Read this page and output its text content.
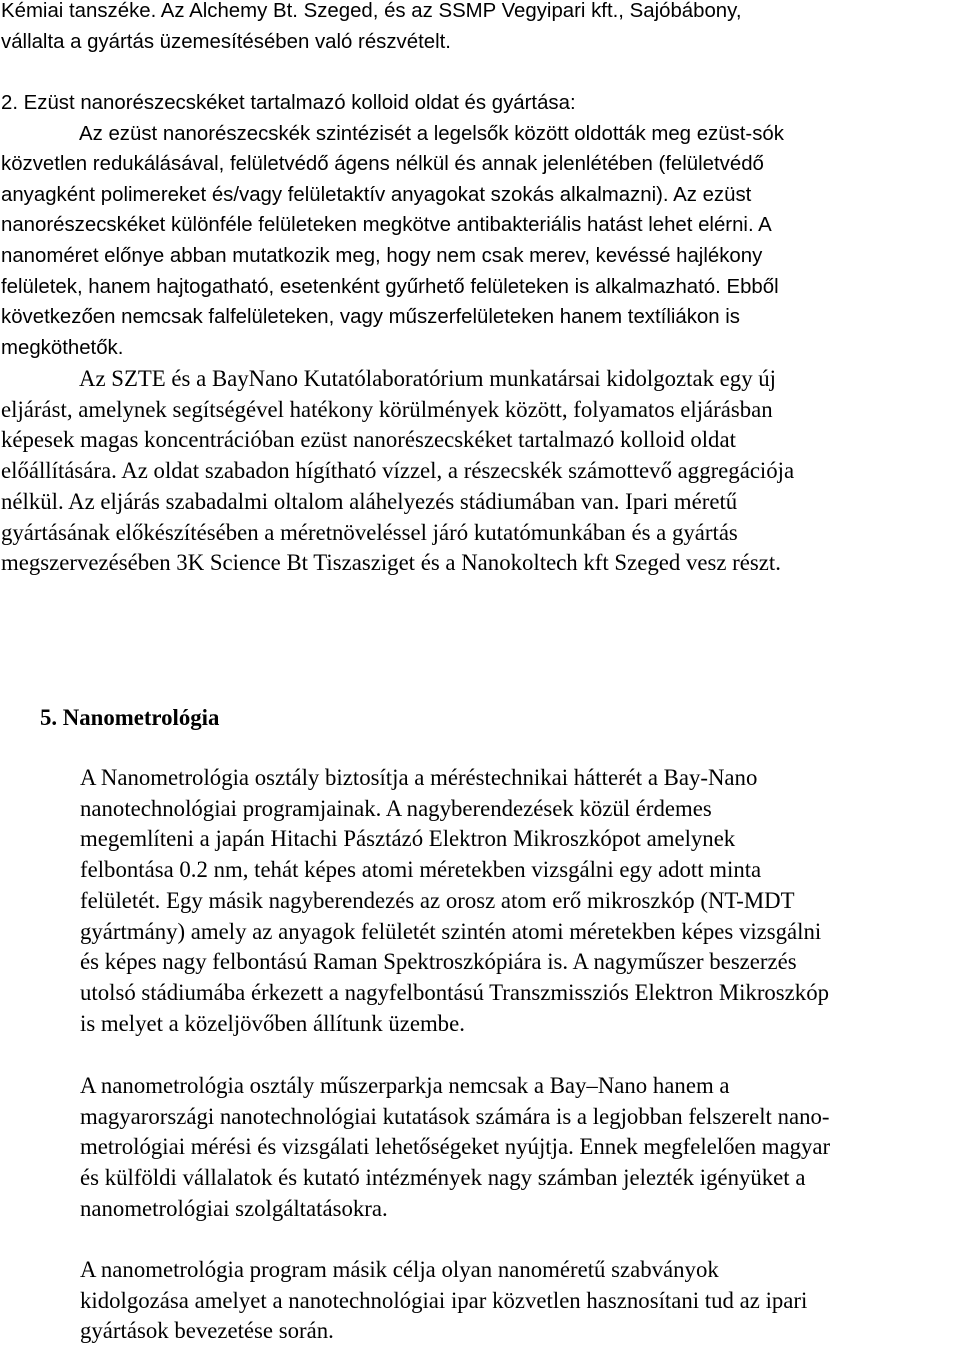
Kémiai tanszéke. Az Alchemy Bt. Szeged, és az SSMP Vegyipari kft., Sajóbábony,
vállalta a gyártás üzemesítésében való részvételt.
2. Ezüst nanorészecskéket tartalmazó kolloid oldat és gyártása:
Az ezüst nanorészecskék szintézisét a legelsők között oldották meg ezüst-sók
közvetlen redukálásával, felületvédő ágens nélkül és annak jelenlétében (felületvédő
anyagként polimereket és/vagy felületaktív anyagokat szokás alkalmazni). Az ezüst
nanorészecskéket különféle felületeken megkötve antibakteriális hatást lehet elérni. A
nanoméret előnye abban mutatkozik meg, hogy nem csak merev, kevéssé hajlékony
felületek, hanem hajtogatható, esetenként gyűrhető felületeken is alkalmazható. Ebből
következően nemcsak falfelületeken, vagy műszerfelületeken hanem textíliákon is
megköthetők.
Az SZTE és a BayNano Kutatólaboratórium munkatársai kidolgoztak egy új
eljárást, amelynek segítségével hatékony körülmények között, folyamatos eljárásban
képesek magas koncentrációban ezüst nanorészecskéket tartalmazó kolloid oldat
előállítására. Az oldat szabadon hígítható vízzel, a részecskék számottevő aggregációja
nélkül. Az eljárás szabadalmi oltalom aláhelyezés stádiumában van. Ipari méretű
gyártásának előkészítésében a méretnöveléssel járó kutatómunkában és a gyártás
megszervezésében 3K Science Bt Tiszasziget és a Nanokoltech kft Szeged vesz részt.
5. Nanometrológia
A Nanometrológia osztály biztosítja a méréstechnikai hátterét a Bay-Nano
nanotechnológiai programjainak. A nagyberendezések közül érdemes
megemlíteni a japán Hitachi Pásztázó Elektron Mikroszkópot amelynek
felbontása 0.2 nm, tehát képes atomi méretekben vizsgálni egy adott minta
felületét. Egy másik nagyberendezés az orosz atom erő mikroszkóp (NT-MDT
gyártmány) amely az anyagok felületét szintén atomi méretekben képes vizsgálni
és képes nagy felbontású Raman Spektroszkópiára is. A nagyműszer beszerzés
utolsó stádiumába érkezett a nagyfelbontású Transzmissziós Elektron Mikroszkóp
is melyet a közeljövőben állítunk üzembe.
A nanometrológia osztály műszerparkja nemcsak a Bay–Nano hanem a
magyarországi nanotechnológiai kutatások számára is a legjobban felszerelt nano-
metrológiai mérési és vizsgálati lehetőségeket nyújtja. Ennek megfelelően magyar
és külföldi vállalatok és kutató intézmények nagy számban jelezték igényüket a
nanometrológiai szolgáltatásokra.
A nanometrológia program másik célja olyan nanoméretű szabványok
kidolgozása amelyet a nanotechnológiai ipar közvetlen hasznosítani tud az ipari
gyártások bevezetése során.
